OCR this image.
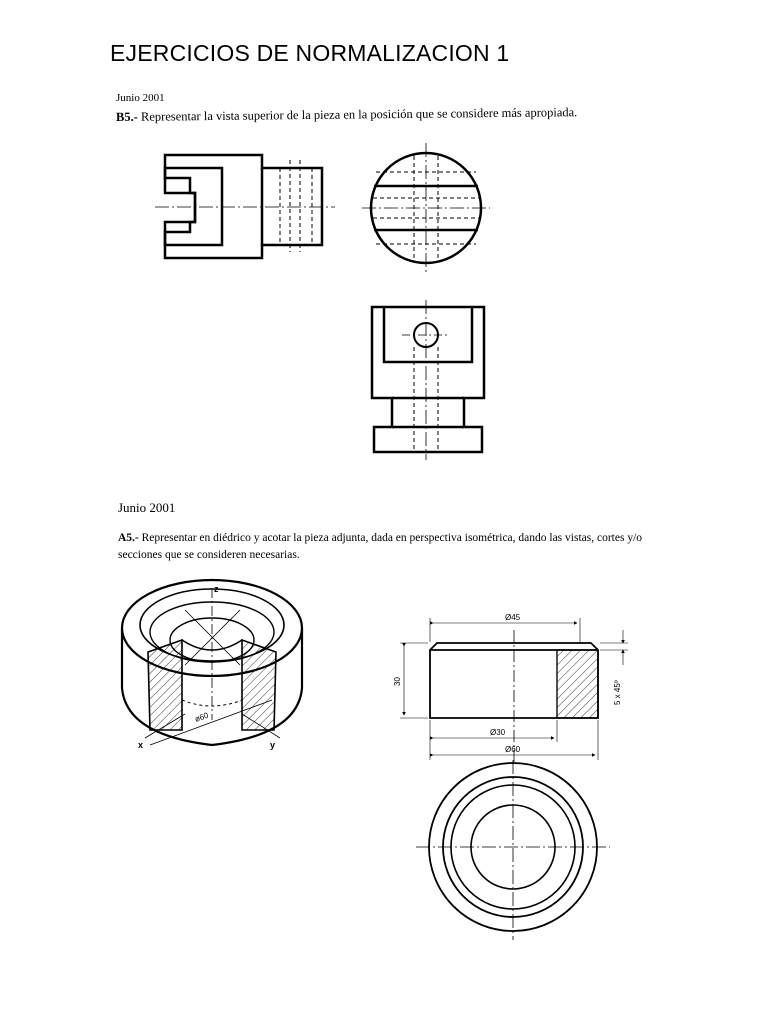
EJERCICIOS DE NORMALIZACION 1
Junio 2001
B5.- Representar la vista superior de la pieza en la posición que se considere más apropiada.
Junio 2001
A5.- Representar en diédrico y acotar la pieza adjunta, dada en perspectiva isométrica, dando las vistas, cortes y/o secciones que se consideren necesarias.
z
x	y
ø60
Ø45
30	5 x 45º
Ø30
Ø60
